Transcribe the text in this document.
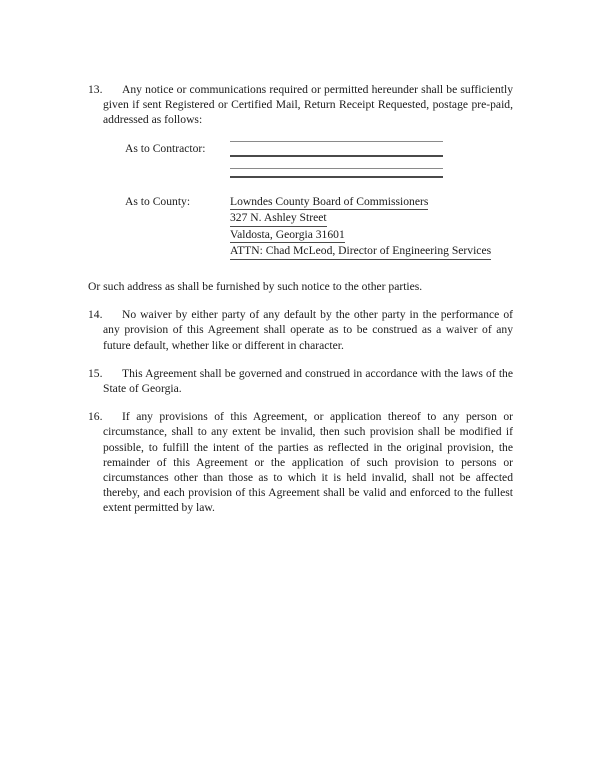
13.	Any notice or communications required or permitted hereunder shall be sufficiently given if sent Registered or Certified Mail, Return Receipt Requested, postage pre-paid, addressed as follows:
As to Contractor:
As to County:	Lowndes County Board of Commissioners
327 N. Ashley Street
Valdosta, Georgia 31601
ATTN: Chad McLeod, Director of Engineering Services

Or such address as shall be furnished by such notice to the other parties.

14.	No waiver by either party of any default by the other party in the performance of any provision of this Agreement shall operate as to be construed as a waiver of any future default, whether like or different in character.
15.	This Agreement shall be governed and construed in accordance with the laws of the State of Georgia.
16.	If any provisions of this Agreement, or application thereof to any person or circumstance, shall to any extent be invalid, then such provision shall be modified if possible, to fulfill the intent of the parties as reflected in the original provision, the remainder of this Agreement or the application of such provision to persons or circumstances other than those as to which it is held invalid, shall not be affected thereby, and each provision of this Agreement shall be valid and enforced to the fullest extent permitted by law.
